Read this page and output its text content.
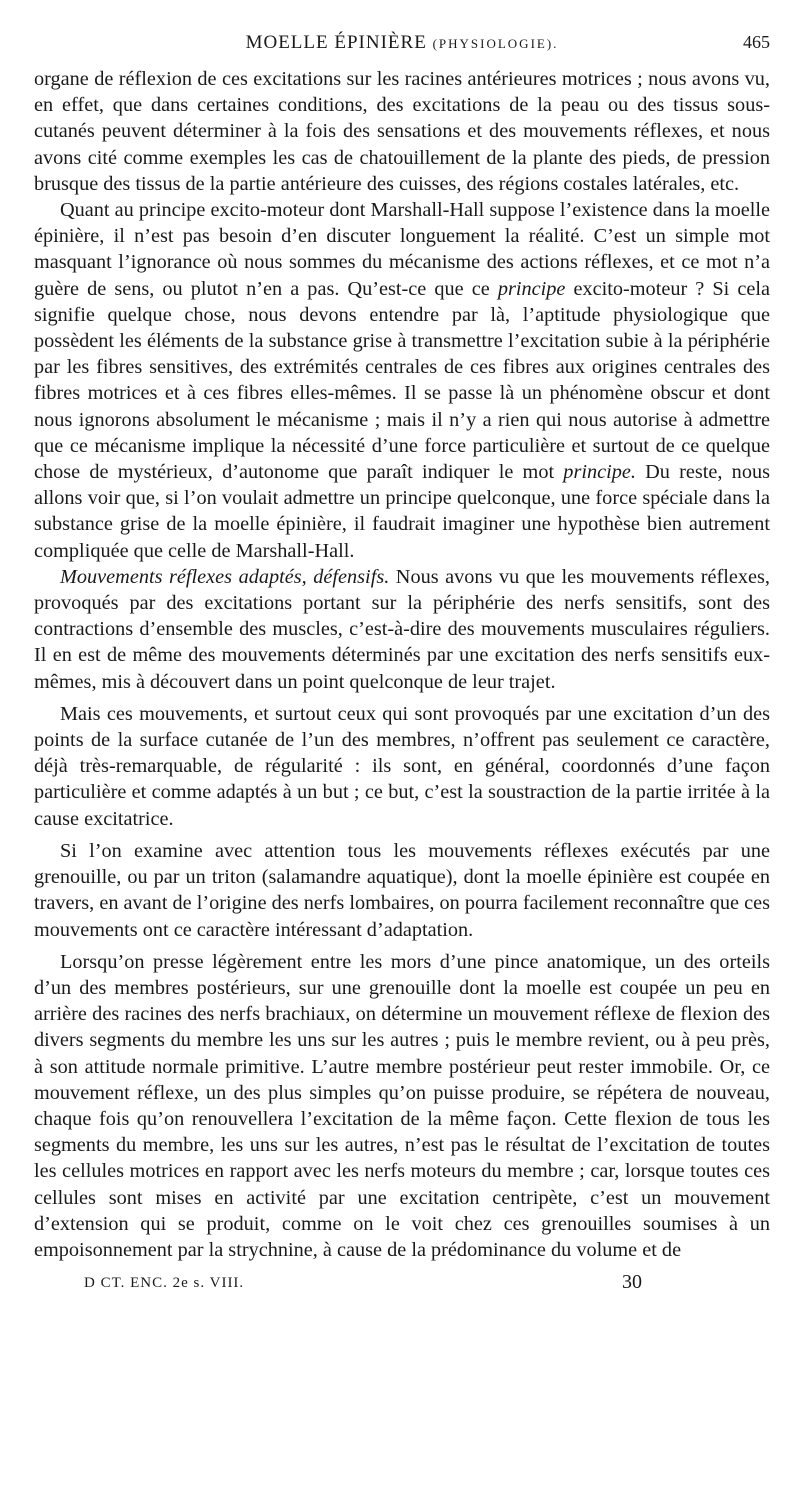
MOELLE ÉPINIÈRE (PHYSIOLOGIE).	465

organe de réflexion de ces excitations sur les racines antérieures motrices ; nous avons vu, en effet, que dans certaines conditions, des excitations de la peau ou des tissus sous-cutanés peuvent déterminer à la fois des sensations et des mouvements réflexes, et nous avons cité comme exemples les cas de chatouillement de la plante des pieds, de pression brusque des tissus de la partie antérieure des cuisses, des régions costales latérales, etc.

Quant au principe excito-moteur dont Marshall-Hall suppose l’existence dans la moelle épinière, il n’est pas besoin d’en discuter longuement la réalité. C’est un simple mot masquant l’ignorance où nous sommes du mécanisme des actions réflexes, et ce mot n’a guère de sens, ou plutot n’en a pas. Qu’est-ce que ce principe excito-moteur ? Si cela signifie quelque chose, nous devons entendre par là, l’aptitude physiologique que possèdent les éléments de la substance grise à transmettre l’excitation subie à la périphérie par les fibres sensitives, des extrémités centrales de ces fibres aux origines centrales des fibres motrices et à ces fibres elles-mêmes. Il se passe là un phénomène obscur et dont nous ignorons absolument le mécanisme ; mais il n’y a rien qui nous autorise à admettre que ce mécanisme implique la nécessité d’une force particulière et surtout de ce quelque chose de mystérieux, d’autonome que paraît indiquer le mot principe. Du reste, nous allons voir que, si l’on voulait admettre un principe quelconque, une force spéciale dans la substance grise de la moelle épinière, il faudrait imaginer une hypothèse bien autrement compliquée que celle de Marshall-Hall.

Mouvements réflexes adaptés, défensifs. Nous avons vu que les mouvements réflexes, provoqués par des excitations portant sur la périphérie des nerfs sensitifs, sont des contractions d’ensemble des muscles, c’est-à-dire des mouvements musculaires réguliers. Il en est de même des mouvements déterminés par une excitation des nerfs sensitifs eux-mêmes, mis à découvert dans un point quelconque de leur trajet.

Mais ces mouvements, et surtout ceux qui sont provoqués par une excitation d’un des points de la surface cutanée de l’un des membres, n’offrent pas seulement ce caractère, déjà très-remarquable, de régularité : ils sont, en général, coordonnés d’une façon particulière et comme adaptés à un but ; ce but, c’est la soustraction de la partie irritée à la cause excitatrice.

Si l’on examine avec attention tous les mouvements réflexes exécutés par une grenouille, ou par un triton (salamandre aquatique), dont la moelle épinière est coupée en travers, en avant de l’origine des nerfs lombaires, on pourra facilement reconnaître que ces mouvements ont ce caractère intéressant d’adaptation.

Lorsqu’on presse légèrement entre les mors d’une pince anatomique, un des orteils d’un des membres postérieurs, sur une grenouille dont la moelle est coupée un peu en arrière des racines des nerfs brachiaux, on détermine un mouvement réflexe de flexion des divers segments du membre les uns sur les autres ; puis le membre revient, ou à peu près, à son attitude normale primitive. L’autre membre postérieur peut rester immobile. Or, ce mouvement réflexe, un des plus simples qu’on puisse produire, se répétera de nouveau, chaque fois qu’on renouvellera l’excitation de la même façon. Cette flexion de tous les segments du membre, les uns sur les autres, n’est pas le résultat de l’excitation de toutes les cellules motrices en rapport avec les nerfs moteurs du membre ; car, lorsque toutes ces cellules sont mises en activité par une excitation centripète, c’est un mouvement d’extension qui se produit, comme on le voit chez ces grenouilles soumises à un empoisonnement par la strychnine, à cause de la prédominance du volume et de

D CT. ENC. 2e s. VIII.	30
